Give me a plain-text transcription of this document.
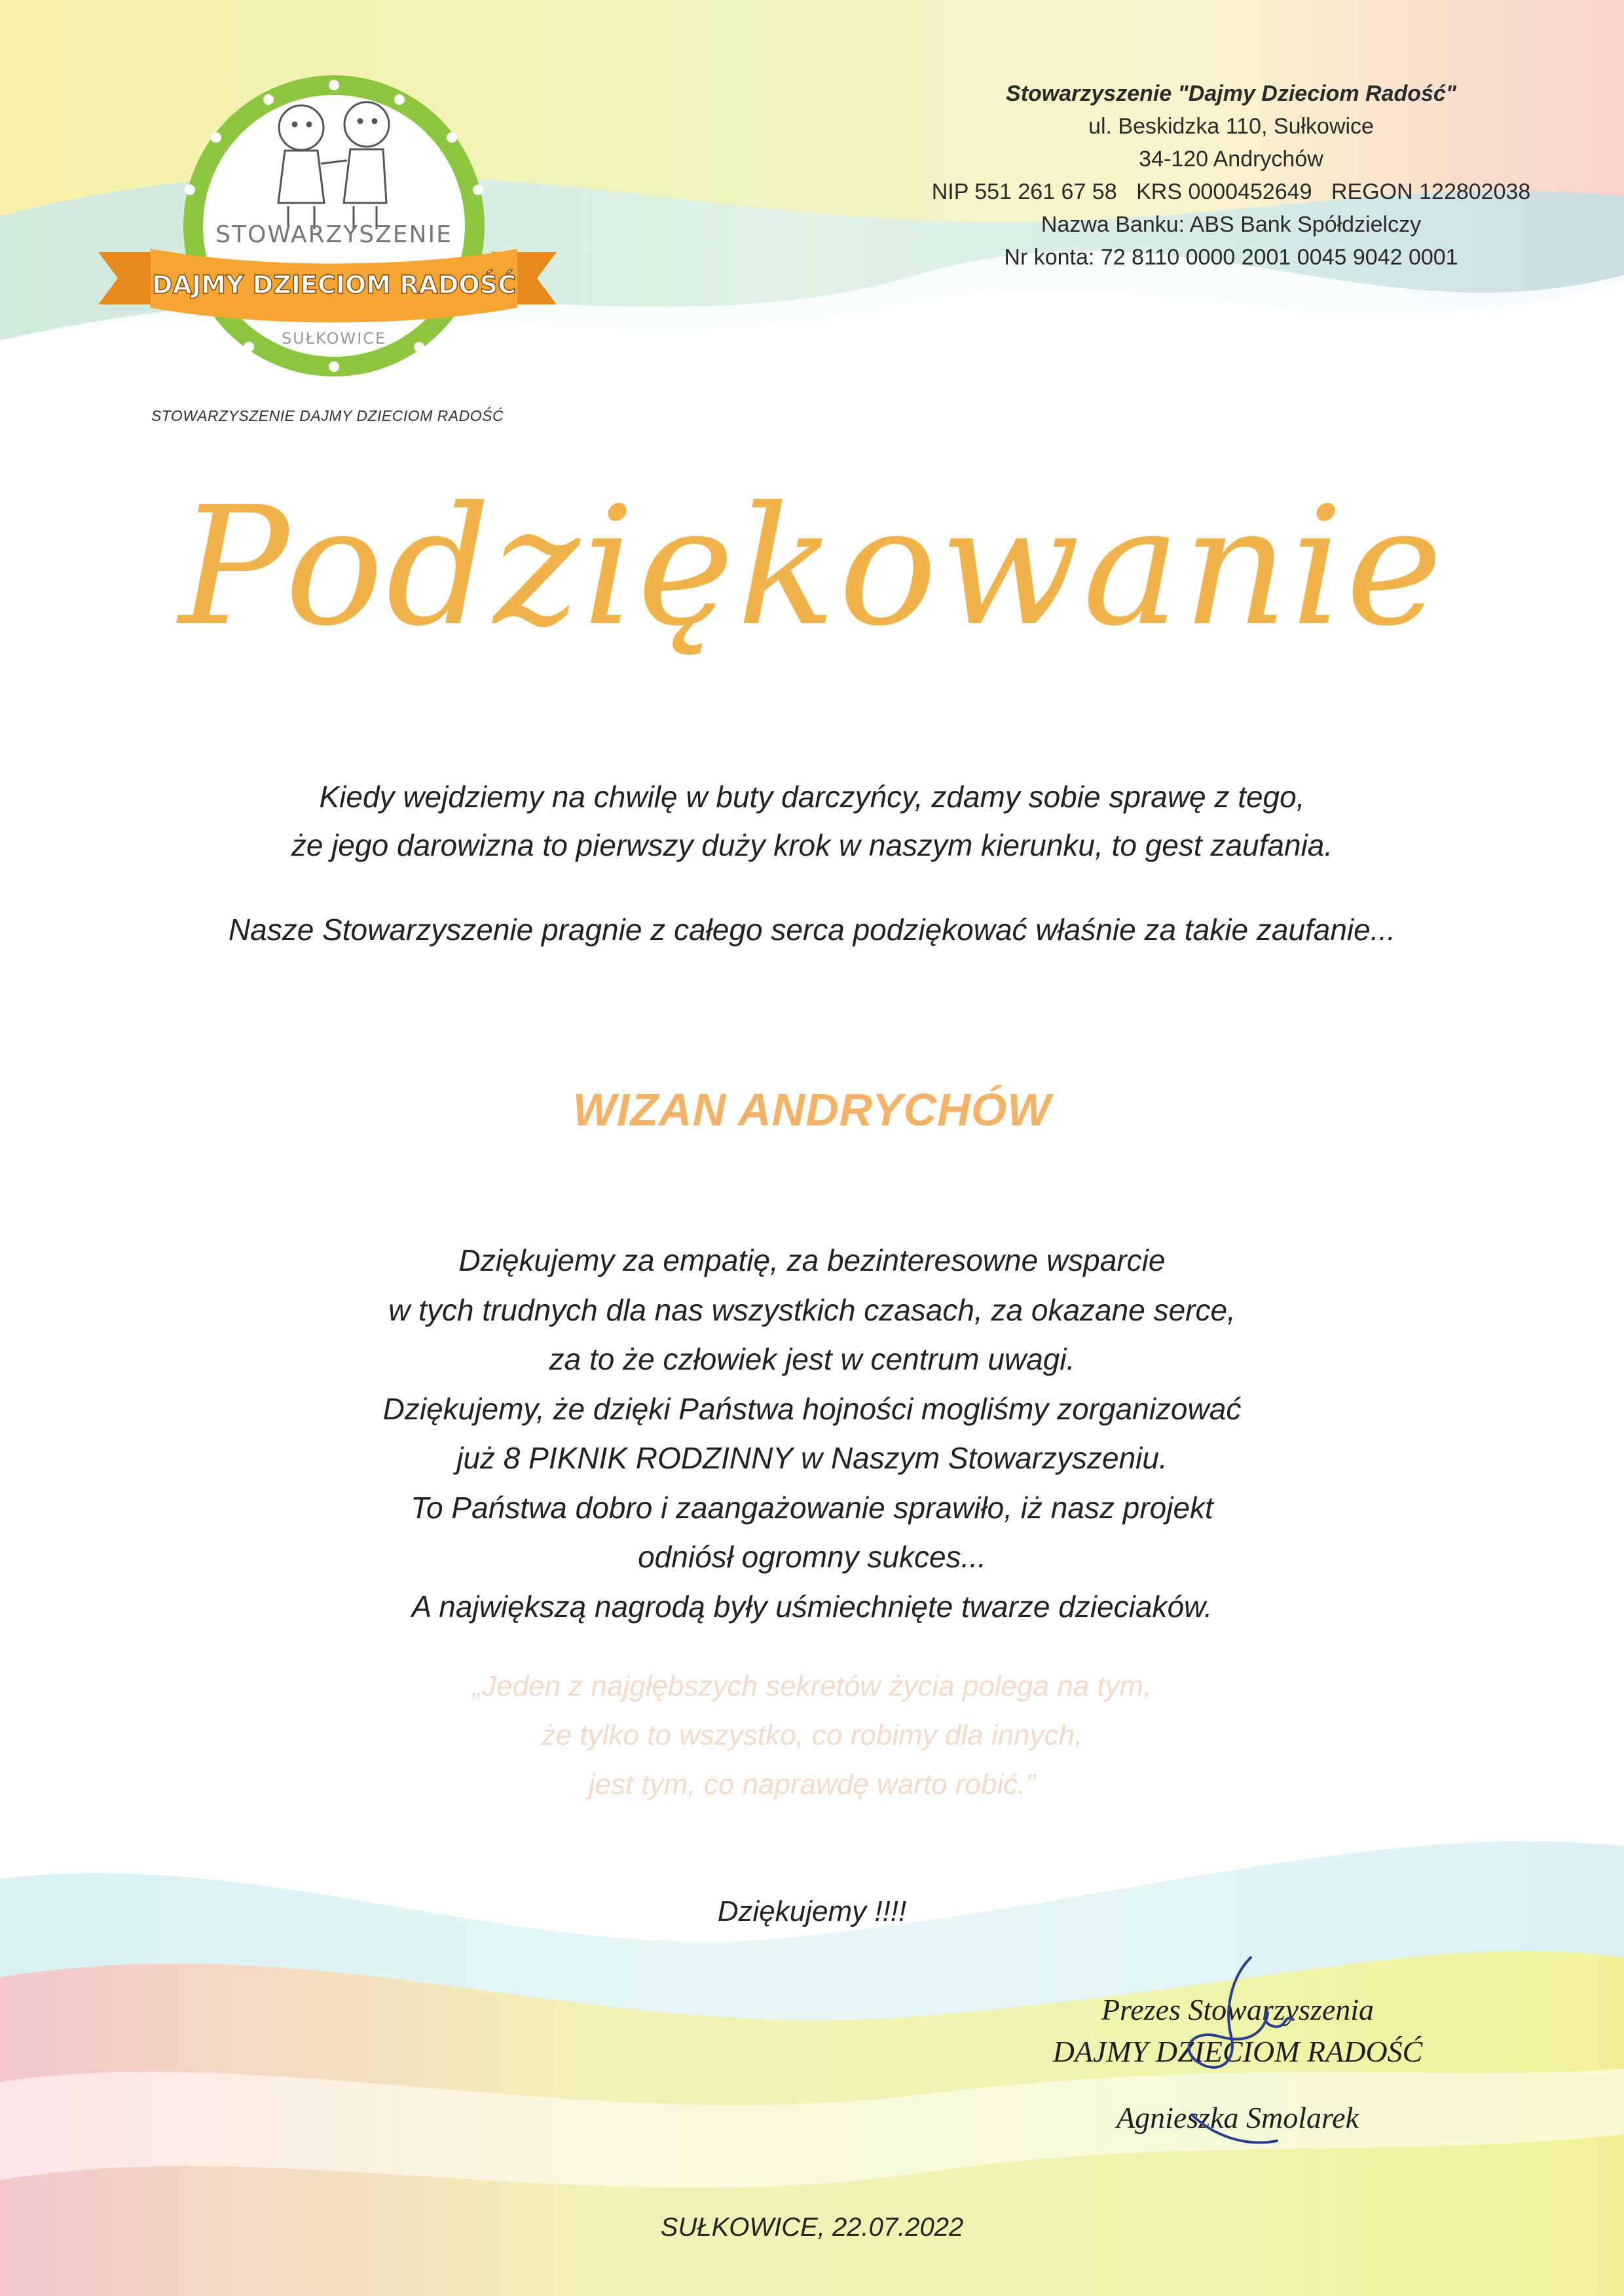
Stowarzyszenie "Dajmy Dzieciom Radość"
ul. Beskidzka 110, Sułkowice
34-120 Andrychów
NIP 551 261 67 58 KRS 0000452649 REGON 122802038
Nazwa Banku: ABS Bank Spółdzielczy
Nr konta: 72 8110 0000 2001 0045 9042 0001
STOWARZYSZENIE
DAJMY DZIECIOM RADOŚĆ
SUŁKOWICE
STOWARZYSZENIE DAJMY DZIECIOM RADOŚĆ
Podziękowanie
Kiedy wejdziemy na chwilę w buty darczyńcy, zdamy sobie sprawę z tego,
że jego darowizna to pierwszy duży krok w naszym kierunku, to gest zaufania.
Nasze Stowarzyszenie pragnie z całego serca podziękować właśnie za takie zaufanie...
WIZAN ANDRYCHÓW
Dziękujemy za empatię, za bezinteresowne wsparcie
w tych trudnych dla nas wszystkich czasach, za okazane serce,
za to że człowiek jest w centrum uwagi.
Dziękujemy, że dzięki Państwa hojności mogliśmy zorganizować
już 8 PIKNIK RODZINNY w Naszym Stowarzyszeniu.
To Państwa dobro i zaangażowanie sprawiło, iż nasz projekt
odniósł ogromny sukces...
A największą nagrodą były uśmiechnięte twarze dzieciaków.
„Jeden z najgłębszych sekretów życia polega na tym,
że tylko to wszystko, co robimy dla innych,
jest tym, co naprawdę warto robić.”
Dziękujemy !!!!
Prezes Stowarzyszenia
DAJMY DZIECIOM RADOŚĆ
Agnieszka Smolarek
SUŁKOWICE, 22.07.2022
